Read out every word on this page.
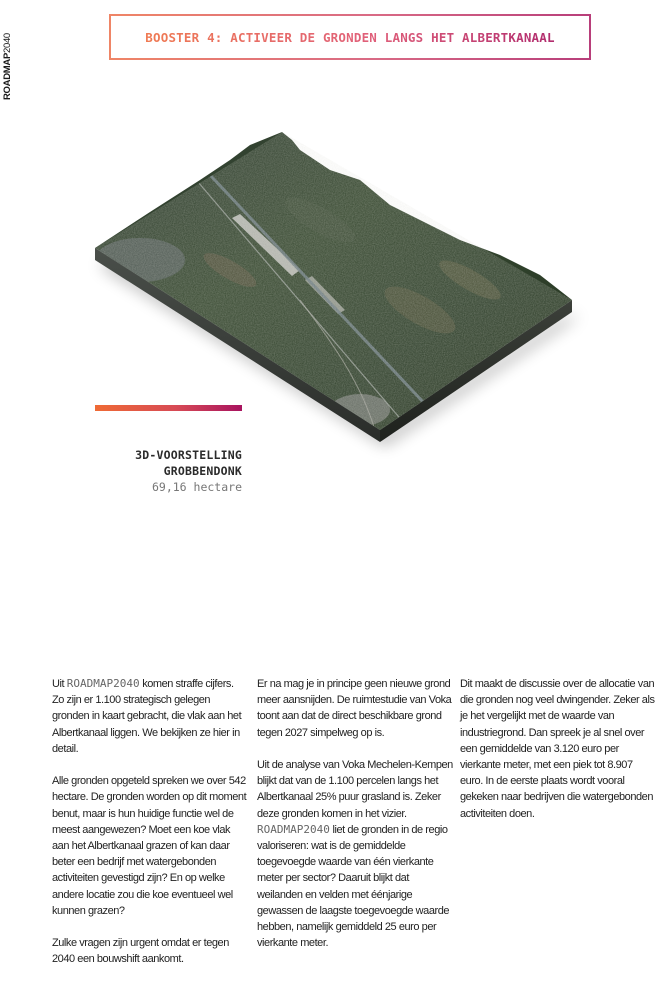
ROADMAP2040	BOOSTER 4: ACTIVEER DE GRONDEN LANGS HET ALBERTKANAAL
3D-VOORSTELLING
GROBBENDONK
69,16 hectare

Uit ROADMAP2040 komen straffe cijfers. Zo zijn er 1.100 strategisch gelegen gronden in kaart gebracht, die vlak aan het Albertkanaal liggen. We bekijken ze hier in detail.

Alle gronden opgeteld spreken we over 542 hectare. De gronden worden op dit moment benut, maar is hun huidige functie wel de meest aangewezen? Moet een koe vlak aan het Albertkanaal grazen of kan daar beter een bedrijf met watergebonden activiteiten gevestigd zijn? En op welke andere locatie zou die koe eventueel wel kunnen grazen?

Zulke vragen zijn urgent omdat er tegen 2040 een bouwshift aankomt.

Er na mag je in principe geen nieuwe grond meer aansnijden. De ruimtestudie van Voka toont aan dat de direct beschikbare grond tegen 2027 simpelweg op is.

Uit de analyse van Voka Mechelen-Kempen blijkt dat van de 1.100 percelen langs het Albertkanaal 25% puur grasland is. Zeker deze gronden komen in het vizier. ROADMAP2040 liet de gronden in de regio valoriseren: wat is de gemiddelde toegevoegde waarde van één vierkante meter per sector? Daaruit blijkt dat weilanden en velden met éénjarige gewassen de laagste toegevoegde waarde hebben, namelijk gemiddeld 25 euro per vierkante meter.

Dit maakt de discussie over de allocatie van die gronden nog veel dwingender. Zeker als je het vergelijkt met de waarde van industriegrond. Dan spreek je al snel over een gemiddelde van 3.120 euro per vierkante meter, met een piek tot 8.907 euro. In de eerste plaats wordt vooral gekeken naar bedrijven die watergebonden activiteiten doen.
